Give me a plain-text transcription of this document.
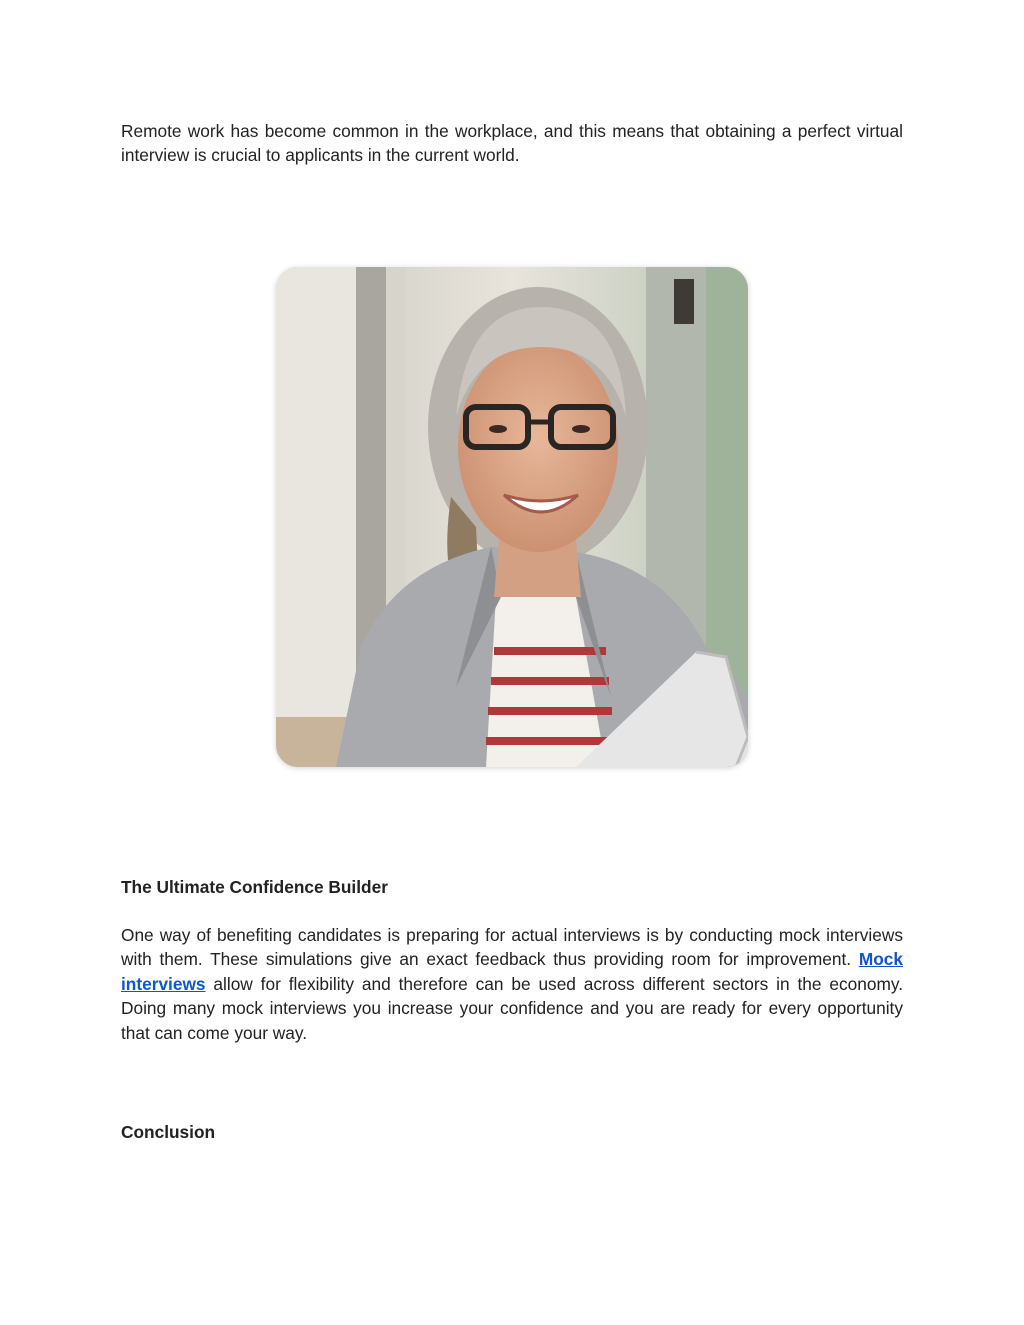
Remote work has become common in the workplace, and this means that obtaining a perfect virtual interview is crucial to applicants in the current world.

The Ultimate Confidence Builder

One way of benefiting candidates is preparing for actual interviews is by conducting mock interviews with them. These simulations give an exact feedback thus providing room for improvement. Mock interviews allow for flexibility and therefore can be used across different sectors in the economy. Doing many mock interviews you increase your confidence and you are ready for every opportunity that can come your way.

Conclusion
